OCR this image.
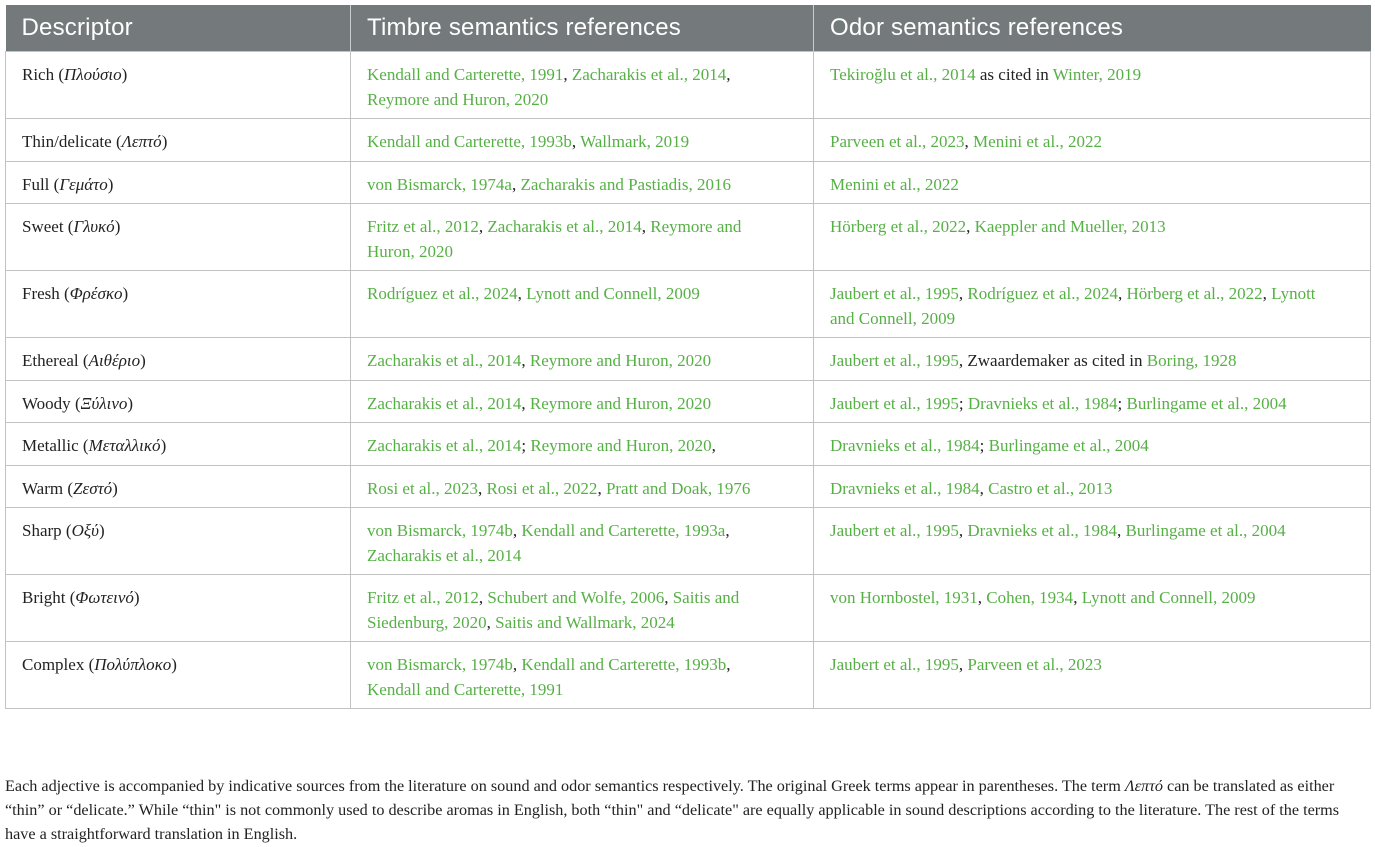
Descriptor	Timbre semantics references	Odor semantics references
Rich (Πλούσιο)	Kendall and Carterette, 1991, Zacharakis et al., 2014, Reymore and Huron, 2020	Tekiroğlu et al., 2014 as cited in Winter, 2019
Thin/delicate (Λεπτό)	Kendall and Carterette, 1993b, Wallmark, 2019	Parveen et al., 2023, Menini et al., 2022
Full (Γεμάτο)	von Bismarck, 1974a, Zacharakis and Pastiadis, 2016	Menini et al., 2022
Sweet (Γλυκό)	Fritz et al., 2012, Zacharakis et al., 2014, Reymore and Huron, 2020	Hörberg et al., 2022, Kaeppler and Mueller, 2013
Fresh (Φρέσκο)	Rodríguez et al., 2024, Lynott and Connell, 2009	Jaubert et al., 1995, Rodríguez et al., 2024, Hörberg et al., 2022, Lynott and Connell, 2009
Ethereal (Αιθέριο)	Zacharakis et al., 2014, Reymore and Huron, 2020	Jaubert et al., 1995, Zwaardemaker as cited in Boring, 1928
Woody (Ξύλινο)	Zacharakis et al., 2014, Reymore and Huron, 2020	Jaubert et al., 1995; Dravnieks et al., 1984; Burlingame et al., 2004
Metallic (Μεταλλικό)	Zacharakis et al., 2014; Reymore and Huron, 2020,	Dravnieks et al., 1984; Burlingame et al., 2004
Warm (Ζεστό)	Rosi et al., 2023, Rosi et al., 2022, Pratt and Doak, 1976	Dravnieks et al., 1984, Castro et al., 2013
Sharp (Οξύ)	von Bismarck, 1974b, Kendall and Carterette, 1993a, Zacharakis et al., 2014	Jaubert et al., 1995, Dravnieks et al., 1984, Burlingame et al., 2004
Bright (Φωτεινό)	Fritz et al., 2012, Schubert and Wolfe, 2006, Saitis and Siedenburg, 2020, Saitis and Wallmark, 2024	von Hornbostel, 1931, Cohen, 1934, Lynott and Connell, 2009
Complex (Πολύπλοκο)	von Bismarck, 1974b, Kendall and Carterette, 1993b, Kendall and Carterette, 1991	Jaubert et al., 1995, Parveen et al., 2023

Each adjective is accompanied by indicative sources from the literature on sound and odor semantics respectively. The original Greek terms appear in parentheses. The term Λεπτό can be translated as either “thin” or “delicate.” While “thin" is not commonly used to describe aromas in English, both “thin" and “delicate" are equally applicable in sound descriptions according to the literature. The rest of the terms have a straightforward translation in English.
